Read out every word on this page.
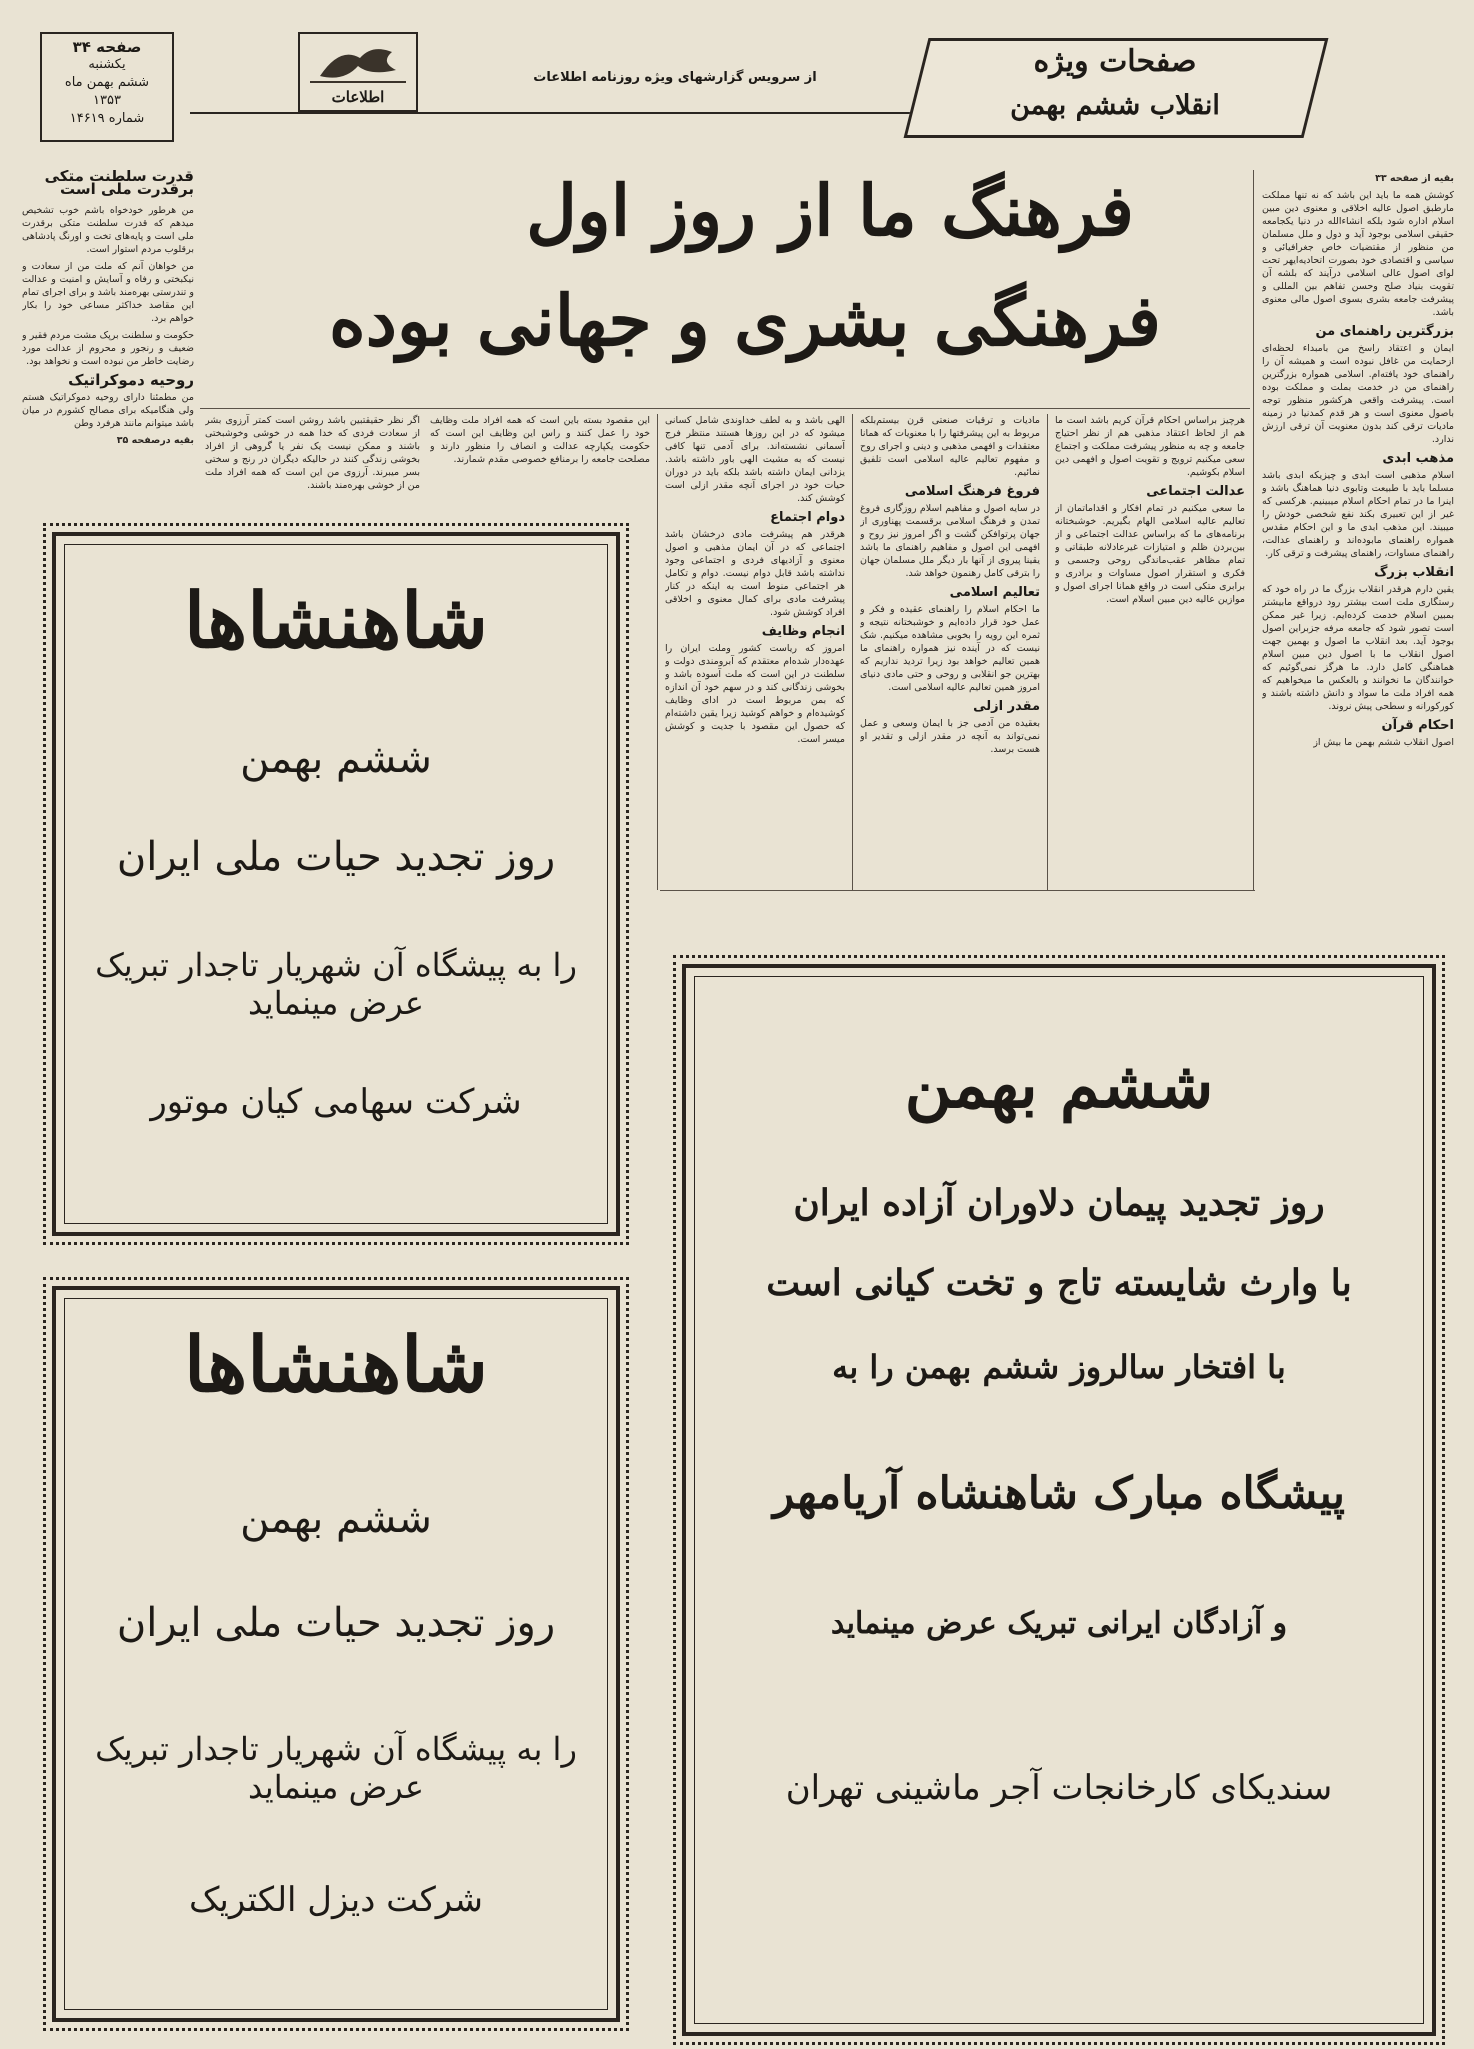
صفحه ۳۴
یکشنبه
ششم بهمن ماه
۱۳۵۳
شماره ۱۴۶۱۹
اطلاعات
از سرویس گزارشهای ویژه روزنامه اطلاعات	صفحات ویژه
انقلاب ششم بهمن
قدرت سلطنت متکی
برقدرت ملی است

من هرطور خودخواه باشم خوب تشخیص میدهم که قدرت سلطنت متکی برقدرت ملی است و پایه‌های تخت و اورنگ پادشاهی برقلوب مردم استوار است.

من خواهان آنم که ملت من از سعادت و نیکبختی و رفاه و آسایش و امنیت و عدالت و تندرستی بهره‌مند باشد و برای اجرای تمام این مقاصد خداکثر مساعی خود را بکار خواهم برد.

حکومت و سلطنت برپک مشت مردم فقیر و ضعیف و رنجور و محروم از عدالت مورد رضایت خاطر من نبوده است و نخواهد بود.

روحیه دموکراتیک

من مطمئنا دارای روحیه دموکراتیک هستم ولی هنگامیکه برای مصالح کشورم در میان باشد میتوانم مانند هرفرد وطن

بقیه درصفحه ۳۵

فرهنگ ما از روز اول
فرهنگی بشری و جهانی بوده

بقیه از صفحه ۳۳

کوشش همه ما باید این باشد که نه تنها مملکت مارطبق اصول عالیه اخلاقی و معنوی دین مبین اسلام اداره شود بلکه انشاءالله در دنیا یکجامعه حقیقی اسلامی بوجود آید و دول و ملل مسلمان من منظور از مقتضیات خاص جغرافیائی و سیاسی و اقتصادی خود بصورت اتحادیه‌ایهر تحت لوای اصول عالی اسلامی درآیند که بلشه آن تقویت بنیاد صلح وحسن تفاهم بین المللی و پیشرفت جامعه بشری بسوی اصول مالی معنوی باشد.

بزرگترین راهنمای من

ایمان و اعتقاد راسخ من بامبداء لحظه‌ای ازحمایت من غافل نبوده است و همیشه آن را راهنمای خود یافته‌ام. اسلامی همواره بزرگترین راهنمای من در خدمت بملت و مملکت بوده است. پیشرفت واقعی هرکشور منظور توجه باصول معنوی است و هر قدم کمدنیا در زمینه مادیات ترقی کند بدون معنویت آن ترقی ارزش ندارد.

مذهب ابدی

اسلام مذهبی است ابدی و چیزیکه ابدی باشد مسلما باید با طبیعت وتابوی دنیا هماهنگ باشد و اینرا ما در تمام احکام اسلام میبینیم. هرکسی که غیر از این تعبیری بکند نفع شخصی خودش را میبیند. این مذهب ابدی ما و این احکام مقدس همواره راهنمای مابوده‌اند و راهنمای عدالت، راهنمای مساوات، راهنمای پیشرفت و ترقی کار.

انقلاب بزرگ

یقین دارم هرقدر انقلاب بزرگ ما در راه خود که رستگاری ملت است بیشتر رود درواقع مابیشتر بمبین اسلام خدمت کرده‌ایم. زیرا غیر ممکن است تصور شود که جامعه مرفه جزبراین اصول بوجود آید. بعد انقلاب ما اصول و بهمین جهت اصول انقلاب ما با اصول دین مبین اسلام هماهنگی کامل دارد. ما هرگز نمی‌گوئیم که خوانندگان ما نخوانند و بالعکس ما میخواهیم که همه افراد ملت ما سواد و دانش داشته باشند و کورکورانه و سطحی پیش نروند.

احکام قرآن

اصول انقلاب ششم بهمن ما بیش از

هرچیز براساس احکام قرآن کریم باشد است ما هم از لحاظ اعتقاد مذهبی هم از نظر احتیاج جامعه و چه به منظور پیشرفت مملکت و اجتماع سعی میکنیم ترویج و تقویت اصول و افهمی دین اسلام بکوشیم.

عدالت اجتماعی

ما سعی میکنیم در تمام افکار و اقداماتمان از تعالیم عالیه اسلامی الهام بگیریم. خوشبختانه برنامه‌های ما که براساس عدالت اجتماعی و از بین‌بردن ظلم و امتیازات غیرعادلانه طبقاتی و تمام مظاهر عقب‌ماندگی روحی وجسمی و فکری و استقرار اصول مساوات و برادری و برابری متکی است در واقع همانا اجرای اصول و موازین عالیه دین مبین اسلام است.

مادیات و ترقیات صنعتی قرن بیستم‌بلکه مربوط به این پیشرفتها را با معنویات که همانا معتقدات و افهمی مذهبی و دینی و اجرای روح و مفهوم تعالیم عالیه اسلامی است تلفیق نمائیم.

فروغ فرهنگ اسلامی

در سایه اصول و مفاهیم اسلام روزگاری فروغ تمدن و فرهنگ اسلامی برقسمت پهناوری از جهان پرتوافکن گشت و اگر امروز نیز روح و افهمی این اصول و مفاهیم راهنمای ما باشد یقینا پیروی از آنها بار دیگر ملل مسلمان جهان را بترقی کامل رهنمون خواهد شد.

تعالیم اسلامی

ما احکام اسلام را راهنمای عقیده و فکر و عمل خود قرار داده‌ایم و خوشبختانه نتیجه و ثمره این رویه را بخوبی مشاهده میکنیم. شک نیست که در آینده نیز همواره راهنمای ما همین تعالیم خواهد بود زیرا تردید نداریم که بهترین جو انقلابی و روحی و حتی مادی دنیای امروز همین تعالیم عالیه اسلامی است.

مقدر ازلی

بعقیده من آدمی جز با ایمان وسعی و عمل نمی‌تواند به آنچه در مقدر ازلی و تقدیر او هست برسد.

الهی باشد و به لطف خداوندی شامل کسانی میشود که در این روزها هستند منتظر فرج آسمانی نشسته‌اند. برای آدمی تنها کافی نیست که به مشیت الهی باور داشته باشد. یزدانی ایمان داشته باشد بلکه باید در دوران حیات خود در اجرای آنچه مقدر ازلی است کوشش کند.

دوام اجتماع

هرقدر هم پیشرفت مادی درخشان باشد اجتماعی که در آن ایمان مذهبی و اصول معنوی و آزادیهای فردی و اجتماعی وجود نداشته باشد قابل دوام نیست. دوام و تکامل هر اجتماعی منوط است به اینکه در کنار پیشرفت مادی برای کمال معنوی و اخلاقی افراد کوشش شود.

انجام وظایف

امروز که ریاست کشور وملت ایران را عهده‌دار شده‌ام معتقدم که آبرومندی دولت و سلطنت در این است که ملت آسوده باشد و بخوشی زندگانی کند و در سهم خود آن اندازه که بمن مربوط است در ادای وظایف کوشیده‌ام و خواهم کوشید زیرا یقین داشته‌ام که حصول این مقصود با جدیت و کوشش میسر است.

این مقصود بسته باین است که همه افراد ملت وظایف خود را عمل کنند و راس این وظایف این است که حکومت یکپارچه عدالت و انصاف را منظور دارند و مصلحت جامعه را برمنافع خصوصی مقدم شمارند.

اگر نظر حقیقتبین باشد روشن است کمتر آرزوی بشر از سعادت فردی که خدا همه در خوشی وخوشبختی باشند و ممکن نیست یک نفر یا گروهی از افراد بخوشی زندگی کنند در حالیکه دیگران در رنج و سختی بسر میبرند. آرزوی من این است که همه افراد ملت من از خوشی بهره‌مند باشند.

شاهنشاها
ششم بهمن
روز تجدید حیات ملی ایران
را به پیشگاه آن شهریار تاجدار تبریک عرض مینماید
شرکت سهامی کیان موتور
شاهنشاها
ششم بهمن
روز تجدید حیات ملی ایران
را به پیشگاه آن شهریار تاجدار تبریک عرض مینماید
شرکت دیزل الکتریک
ششم بهمن
روز تجدید پیمان دلاوران آزاده ایران
با وارث شایسته تاج و تخت کیانی است
با افتخار سالروز ششم بهمن را به
پیشگاه مبارک شاهنشاه آریامهر
و آزادگان ایرانی تبریک عرض مینماید
سندیکای کارخانجات آجر ماشینی تهران
